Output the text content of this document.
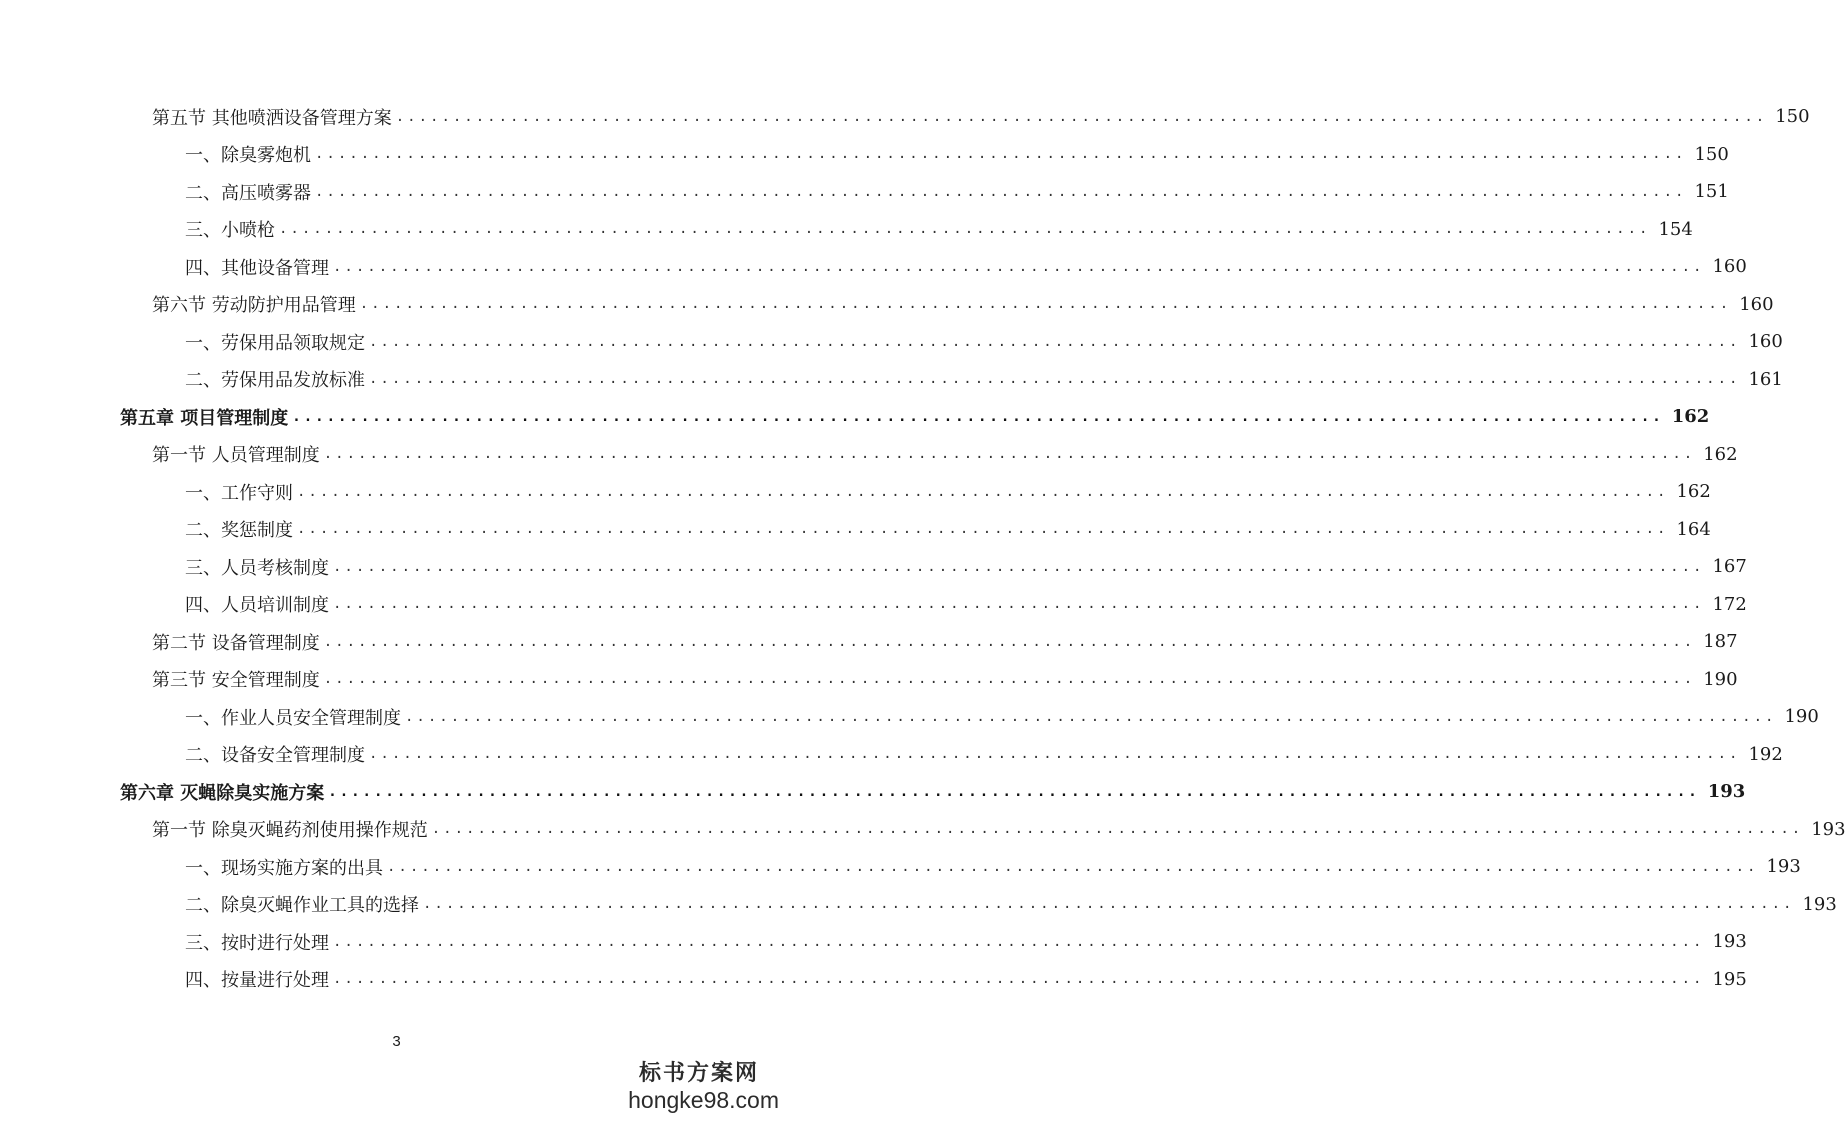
第五节 其他喷洒设备管理方案 ........................................................................................................................ 150
一、除臭雾炮机 ........................................................................................................................ 150
二、高压喷雾器 ........................................................................................................................ 151
三、小喷枪 ........................................................................................................................ 154
四、其他设备管理 ........................................................................................................................ 160
第六节 劳动防护用品管理 ........................................................................................................................ 160
一、劳保用品领取规定 ........................................................................................................................ 160
二、劳保用品发放标准 ........................................................................................................................ 161
第五章 项目管理制度 ........................................................................................................................ 162
第一节 人员管理制度 ........................................................................................................................ 162
一、工作守则 ........................................................................................................................ 162
二、奖惩制度 ........................................................................................................................ 164
三、人员考核制度 ........................................................................................................................ 167
四、人员培训制度 ........................................................................................................................ 172
第二节 设备管理制度 ........................................................................................................................ 187
第三节 安全管理制度 ........................................................................................................................ 190
一、作业人员安全管理制度 ........................................................................................................................ 190
二、设备安全管理制度 ........................................................................................................................ 192
第六章 灭蝇除臭实施方案 ........................................................................................................................ 193
第一节 除臭灭蝇药剂使用操作规范 ........................................................................................................................ 193
一、现场实施方案的出具 ........................................................................................................................ 193
二、除臭灭蝇作业工具的选择 ........................................................................................................................ 193
三、按时进行处理 ........................................................................................................................ 193
四、按量进行处理 ........................................................................................................................ 195
3
标书方案网
hongke98.com
